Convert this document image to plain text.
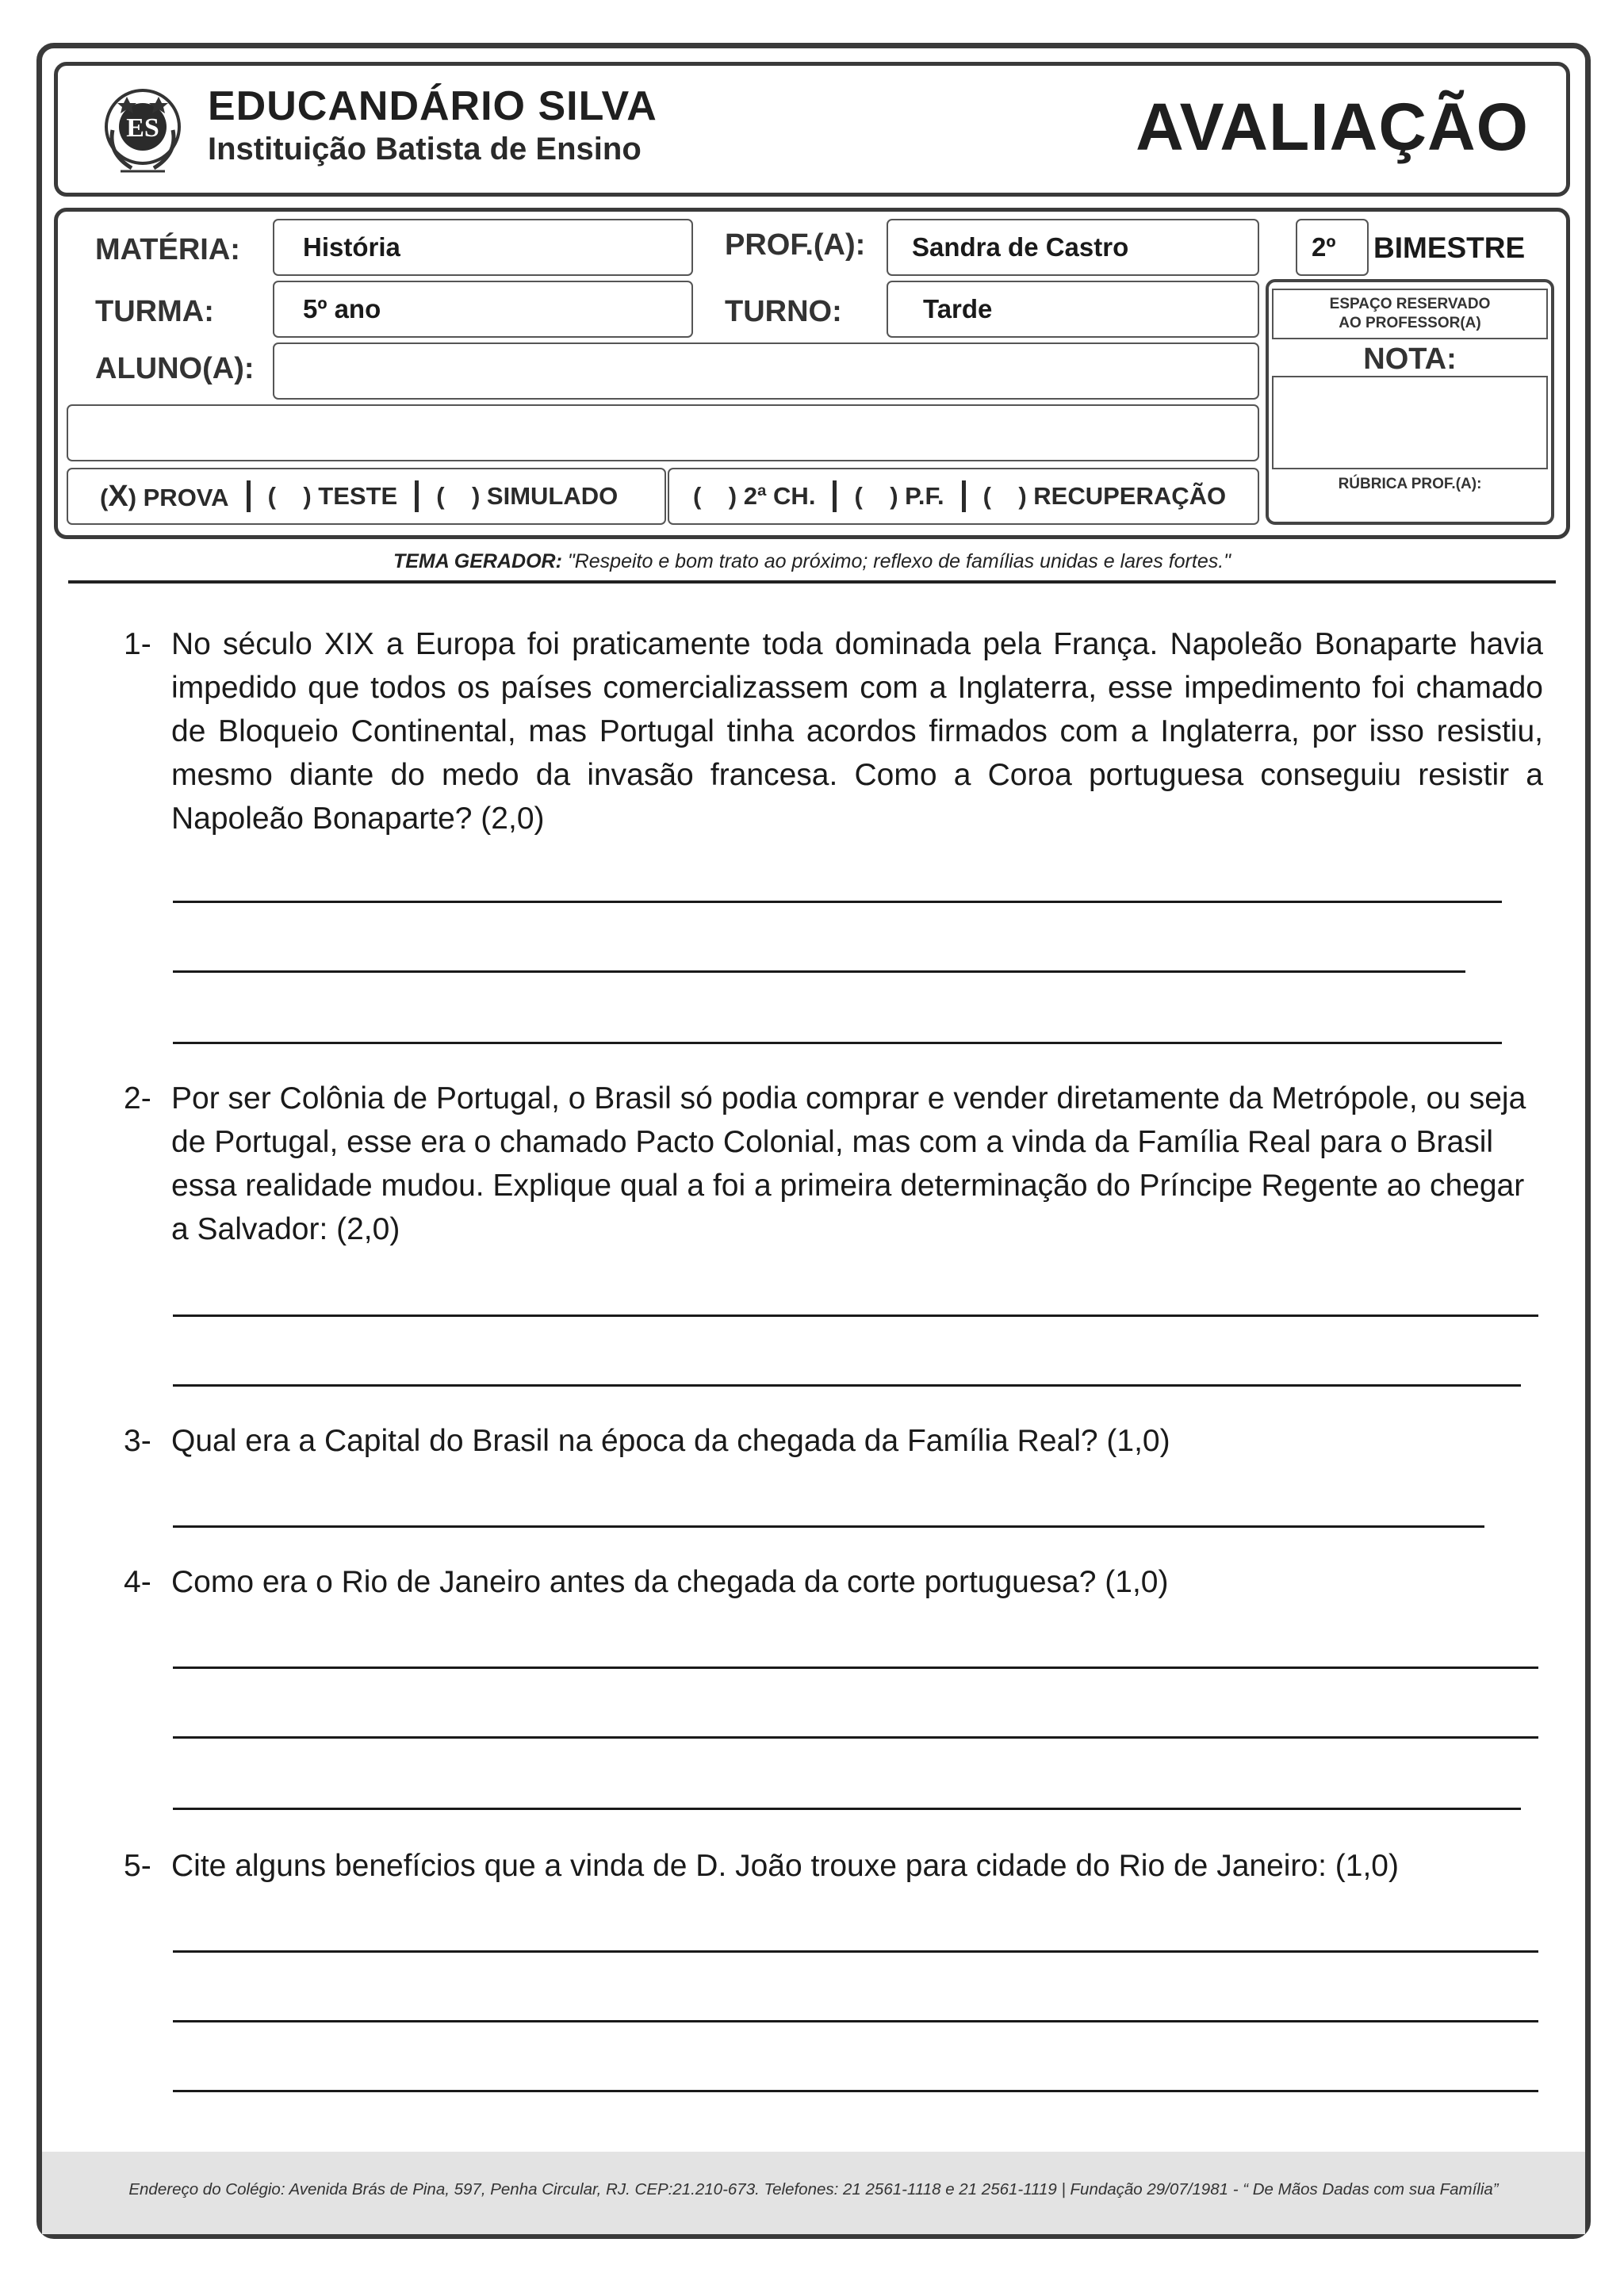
ES EDUCANDÁRIO SILVA
Instituição Batista de Ensino	AVALIAÇÃO
MATÉRIA:	História	PROF.(A):	Sandra de Castro	2º	BIMESTRE
TURMA:	5º ano	TURNO:	Tarde
ALUNO(A):
(X) PROVA (    ) TESTE (    ) SIMULADO	(    ) 2ª CH. (    ) P.F. (    ) RECUPERAÇÃO
ESPAÇO RESERVADO
AO PROFESSOR(A)
NOTA:
RÚBRICA PROF.(A):
TEMA GERADOR: "Respeito e bom trato ao próximo; reflexo de famílias unidas e lares fortes."
1- No século XIX a Europa foi praticamente toda dominada pela França. Napoleão Bonaparte havia impedido que todos os países comercializassem com a Inglaterra, esse impedimento foi chamado de Bloqueio Continental, mas Portugal tinha acordos firmados com a Inglaterra, por isso resistiu, mesmo diante do medo da invasão francesa. Como a Coroa portuguesa conseguiu resistir a Napoleão Bonaparte? (2,0)
2- Por ser Colônia de Portugal, o Brasil só podia comprar e vender diretamente da Metrópole, ou seja de Portugal, esse era o chamado Pacto Colonial, mas com a vinda da Família Real para o Brasil essa realidade mudou. Explique qual a foi a primeira determinação do Príncipe Regente ao chegar a Salvador: (2,0)
3- Qual era a Capital do Brasil na época da chegada da Família Real? (1,0)
4- Como era o Rio de Janeiro antes da chegada da corte portuguesa? (1,0)
5- Cite alguns benefícios que a vinda de D. João trouxe para cidade do Rio de Janeiro: (1,0)
Endereço do Colégio: Avenida Brás de Pina, 597, Penha Circular, RJ. CEP:21.210-673. Telefones: 21 2561-1118 e 21 2561-1119 | Fundação 29/07/1981 - “ De Mãos Dadas com sua Família”
